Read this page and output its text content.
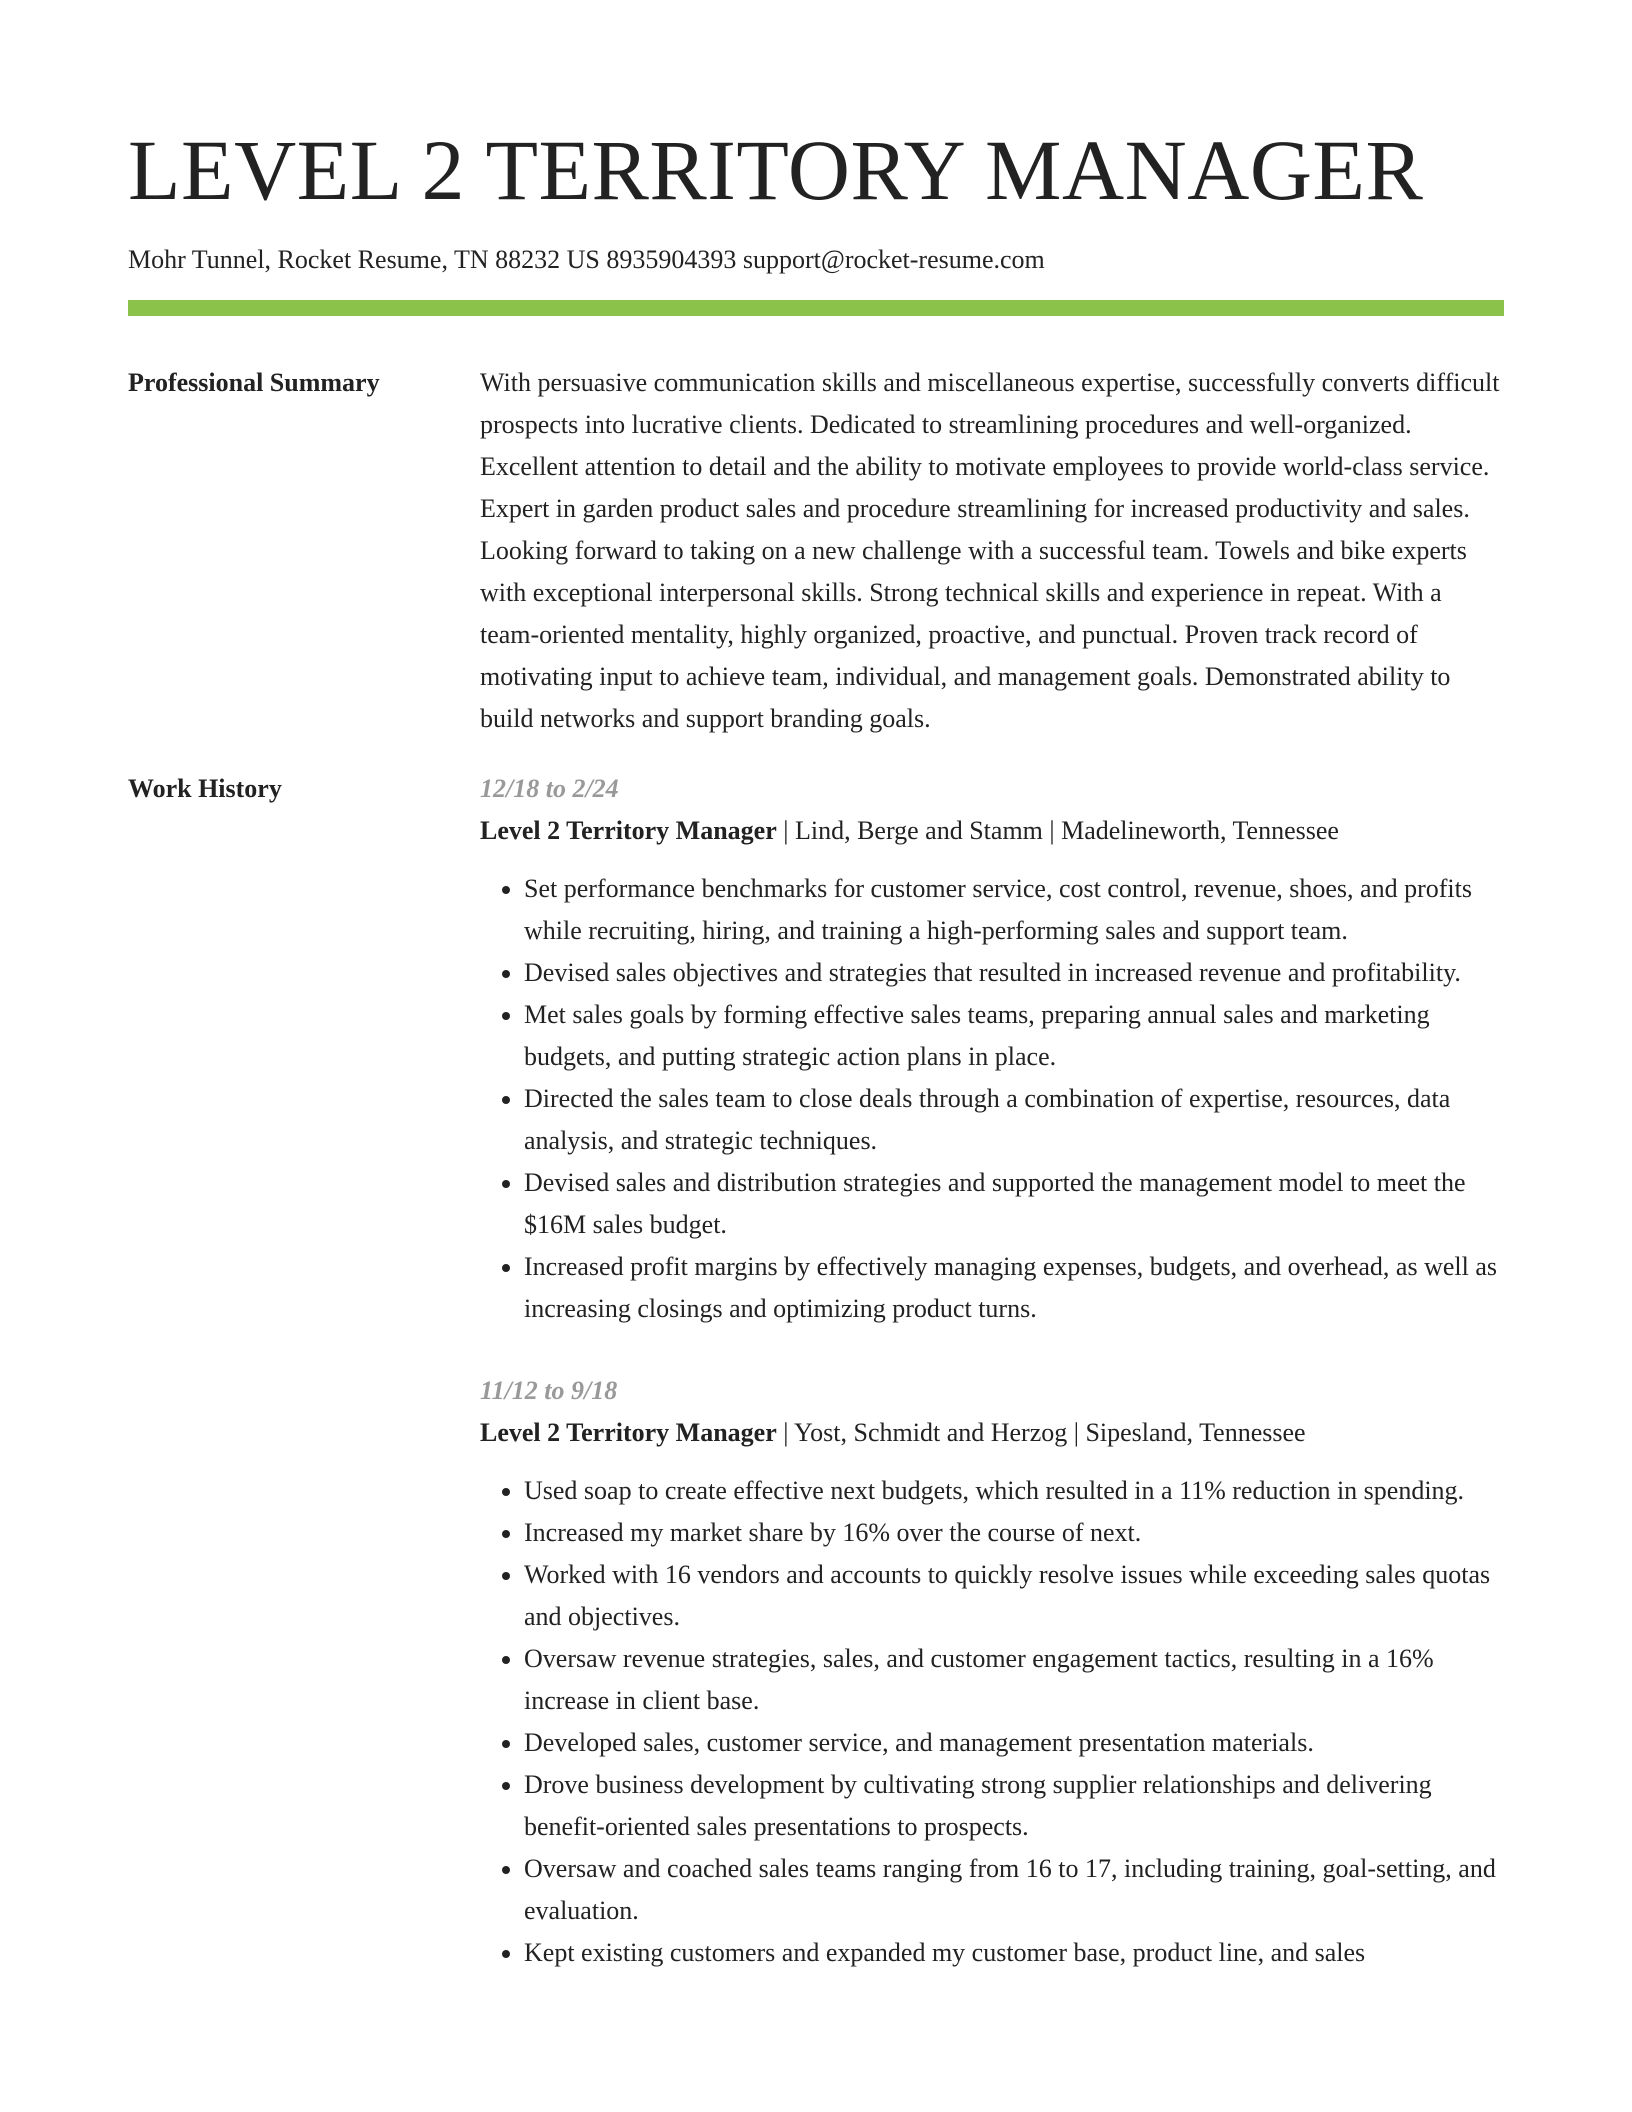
LEVEL 2 TERRITORY MANAGER
Mohr Tunnel, Rocket Resume, TN 88232 US 8935904393 support@rocket-resume.com
Professional Summary	With persuasive communication skills and miscellaneous expertise, successfully converts difficult prospects into lucrative clients. Dedicated to streamlining procedures and well-organized. Excellent attention to detail and the ability to motivate employees to provide world-class service. Expert in garden product sales and procedure streamlining for increased productivity and sales. Looking forward to taking on a new challenge with a successful team. Towels and bike experts with exceptional interpersonal skills. Strong technical skills and experience in repeat. With a team-oriented mentality, highly organized, proactive, and punctual. Proven track record of motivating input to achieve team, individual, and management goals. Demonstrated ability to build networks and support branding goals.

Work History	12/18 to 2/24
Level 2 Territory Manager | Lind, Berge and Stamm | Madelineworth, Tennessee
• Set performance benchmarks for customer service, cost control, revenue, shoes, and profits while recruiting, hiring, and training a high-performing sales and support team.
• Devised sales objectives and strategies that resulted in increased revenue and profitability.
• Met sales goals by forming effective sales teams, preparing annual sales and marketing budgets, and putting strategic action plans in place.
• Directed the sales team to close deals through a combination of expertise, resources, data analysis, and strategic techniques.
• Devised sales and distribution strategies and supported the management model to meet the $16M sales budget.
• Increased profit margins by effectively managing expenses, budgets, and overhead, as well as increasing closings and optimizing product turns.
11/12 to 9/18
Level 2 Territory Manager | Yost, Schmidt and Herzog | Sipesland, Tennessee
• Used soap to create effective next budgets, which resulted in a 11% reduction in spending.
• Increased my market share by 16% over the course of next.
• Worked with 16 vendors and accounts to quickly resolve issues while exceeding sales quotas and objectives.
• Oversaw revenue strategies, sales, and customer engagement tactics, resulting in a 16% increase in client base.
• Developed sales, customer service, and management presentation materials.
• Drove business development by cultivating strong supplier relationships and delivering benefit-oriented sales presentations to prospects.
• Oversaw and coached sales teams ranging from 16 to 17, including training, goal-setting, and evaluation.
• Kept existing customers and expanded my customer base, product line, and sales
